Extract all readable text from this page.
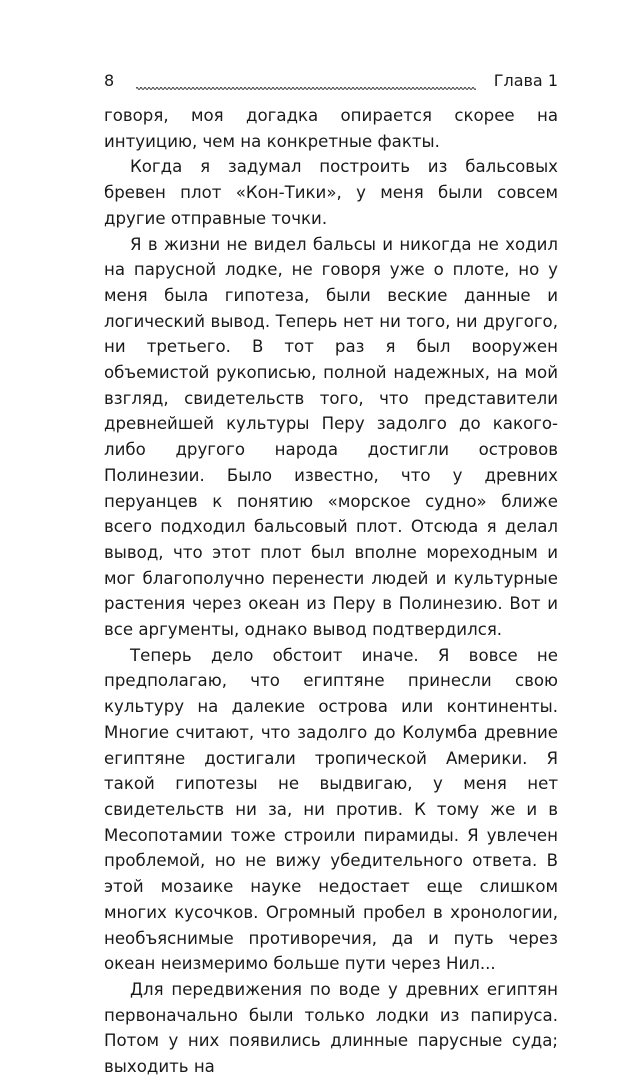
8	Глава 1

говоря, моя догадка опирается скорее на интуицию, чем на конкретные факты.

Когда я задумал построить из бальсовых бревен плот «Кон-Тики», у меня были совсем другие отправные точки.

Я в жизни не видел бальсы и никогда не ходил на парусной лодке, не говоря уже о плоте, но у меня была гипотеза, были веские данные и логический вывод. Теперь нет ни того, ни другого, ни третьего. В тот раз я был вооружен объемистой рукописью, полной надежных, на мой взгляд, свидетельств того, что представители древнейшей культуры Перу задолго до какого-либо другого народа достигли островов Полинезии. Было известно, что у древних перуанцев к понятию «морское судно» ближе всего подходил бальсовый плот. Отсюда я делал вывод, что этот плот был вполне мореходным и мог благополучно перенести людей и культурные растения через океан из Перу в Полинезию. Вот и все аргументы, однако вывод подтвердился.

Теперь дело обстоит иначе. Я вовсе не предполагаю, что египтяне принесли свою культуру на далекие острова или континенты. Многие считают, что задолго до Колумба древние египтяне достигали тропической Америки. Я такой гипотезы не выдвигаю, у меня нет свидетельств ни за, ни против. К тому же и в Месопотамии тоже строили пирамиды. Я увлечен проблемой, но не вижу убедительного ответа. В этой мозаике науке недостает еще слишком многих кусочков. Огромный пробел в хронологии, необъяснимые противоречия, да и путь через океан неизмеримо больше пути через Нил...

Для передвижения по воде у древних египтян первоначально были только лодки из папируса. Потом у них появились длинные парусные суда; выходить на
